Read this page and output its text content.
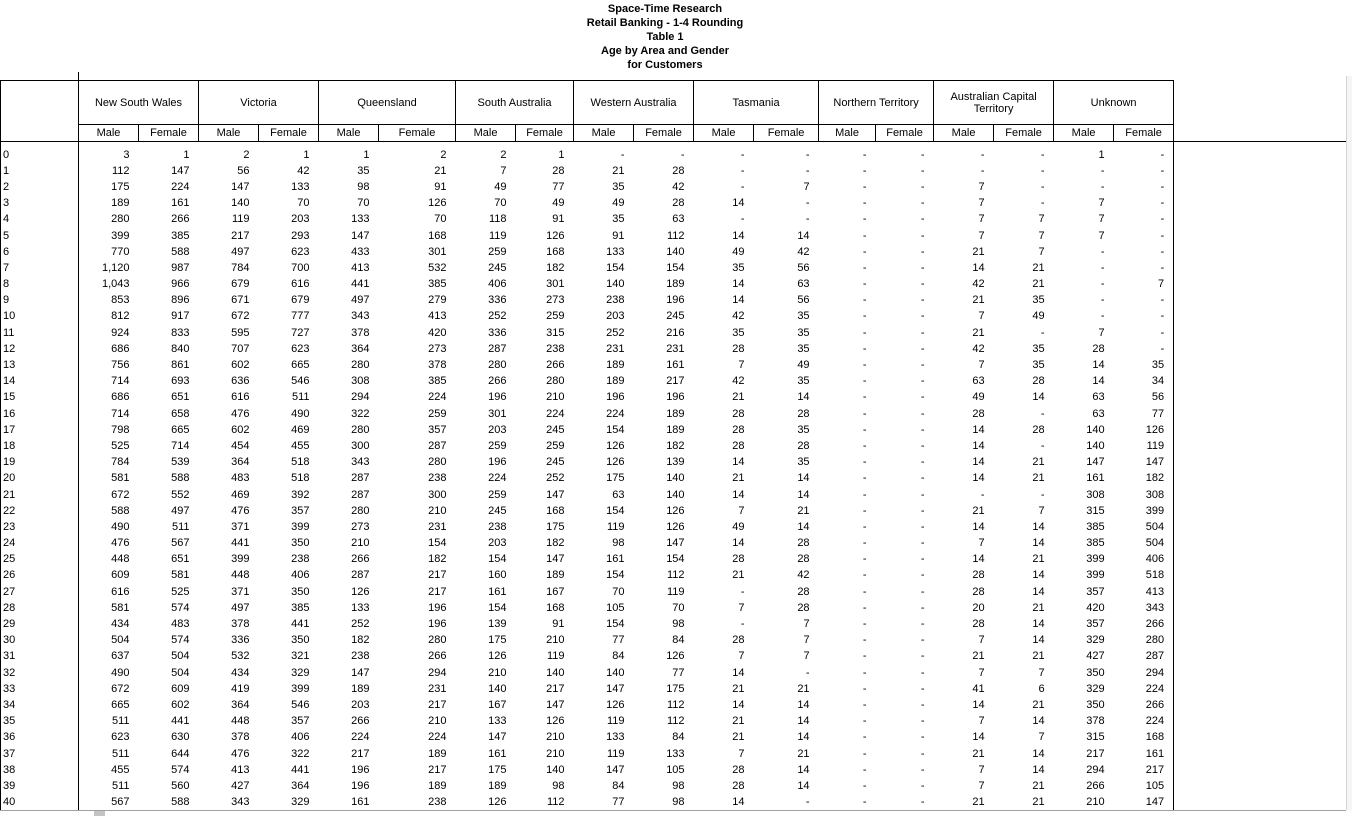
Space-Time Research
Retail Banking - 1-4 Rounding
Table 1
Age by Area and Gender
for Customers
	New South Wales		Victoria		Queensland		South Australia		Western Australia		Tasmania		Northern Territory		Australian Capital Territory		Unknown	
	Male	Female	Male	Female	Male	Female	Male	Female	Male	Female	Male	Female	Male	Female	Male	Female	Male	Female

0	3	1	2	1	1	2	2	1	-	-	-	-	-	-	-	-	1	-
1	112	147	56	42	35	21	7	28	21	28	-	-	-	-	-	-	-	-
2	175	224	147	133	98	91	49	77	35	42	-	7	-	-	7	-	-	-
3	189	161	140	70	70	126	70	49	49	28	14	-	-	-	7	-	7	-
4	280	266	119	203	133	70	118	91	35	63	-	-	-	-	7	7	7	-
5	399	385	217	293	147	168	119	126	91	112	14	14	-	-	7	7	7	-
6	770	588	497	623	433	301	259	168	133	140	49	42	-	-	21	7	-	-
7	1,120	987	784	700	413	532	245	182	154	154	35	56	-	-	14	21	-	-
8	1,043	966	679	616	441	385	406	301	140	189	14	63	-	-	42	21	-	7
9	853	896	671	679	497	279	336	273	238	196	14	56	-	-	21	35	-	-
10	812	917	672	777	343	413	252	259	203	245	42	35	-	-	7	49	-	-
11	924	833	595	727	378	420	336	315	252	216	35	35	-	-	21	-	7	-
12	686	840	707	623	364	273	287	238	231	231	28	35	-	-	42	35	28	-
13	756	861	602	665	280	378	280	266	189	161	7	49	-	-	7	35	14	35
14	714	693	636	546	308	385	266	280	189	217	42	35	-	-	63	28	14	34
15	686	651	616	511	294	224	196	210	196	196	21	14	-	-	49	14	63	56
16	714	658	476	490	322	259	301	224	224	189	28	28	-	-	28	-	63	77
17	798	665	602	469	280	357	203	245	154	189	28	35	-	-	14	28	140	126
18	525	714	454	455	300	287	259	259	126	182	28	28	-	-	14	-	140	119
19	784	539	364	518	343	280	196	245	126	139	14	35	-	-	14	21	147	147
20	581	588	483	518	287	238	224	252	175	140	21	14	-	-	14	21	161	182
21	672	552	469	392	287	300	259	147	63	140	14	14	-	-	-	-	308	308
22	588	497	476	357	280	210	245	168	154	126	7	21	-	-	21	7	315	399
23	490	511	371	399	273	231	238	175	119	126	49	14	-	-	14	14	385	504
24	476	567	441	350	210	154	203	182	98	147	14	28	-	-	7	14	385	504
25	448	651	399	238	266	182	154	147	161	154	28	28	-	-	14	21	399	406
26	609	581	448	406	287	217	160	189	154	112	21	42	-	-	28	14	399	518
27	616	525	371	350	126	217	161	167	70	119	-	28	-	-	28	14	357	413
28	581	574	497	385	133	196	154	168	105	70	7	28	-	-	20	21	420	343
29	434	483	378	441	252	196	139	91	154	98	-	7	-	-	28	14	357	266
30	504	574	336	350	182	280	175	210	77	84	28	7	-	-	7	14	329	280
31	637	504	532	321	238	266	126	119	84	126	7	7	-	-	21	21	427	287
32	490	504	434	329	147	294	210	140	140	77	14	-	-	-	7	7	350	294
33	672	609	419	399	189	231	140	217	147	175	21	21	-	-	41	6	329	224
34	665	602	364	546	203	217	167	147	126	112	14	14	-	-	14	21	350	266
35	511	441	448	357	266	210	133	126	119	112	21	14	-	-	7	14	378	224
36	623	630	378	406	224	224	147	210	133	84	21	14	-	-	14	7	315	168
37	511	644	476	322	217	189	161	210	119	133	7	21	-	-	21	14	217	161
38	455	574	413	441	196	217	175	140	147	105	28	14	-	-	7	14	294	217
39	511	560	427	364	196	189	189	98	84	98	28	14	-	-	7	21	266	105
40	567	588	343	329	161	238	126	112	77	98	14	-	-	-	21	21	210	147
